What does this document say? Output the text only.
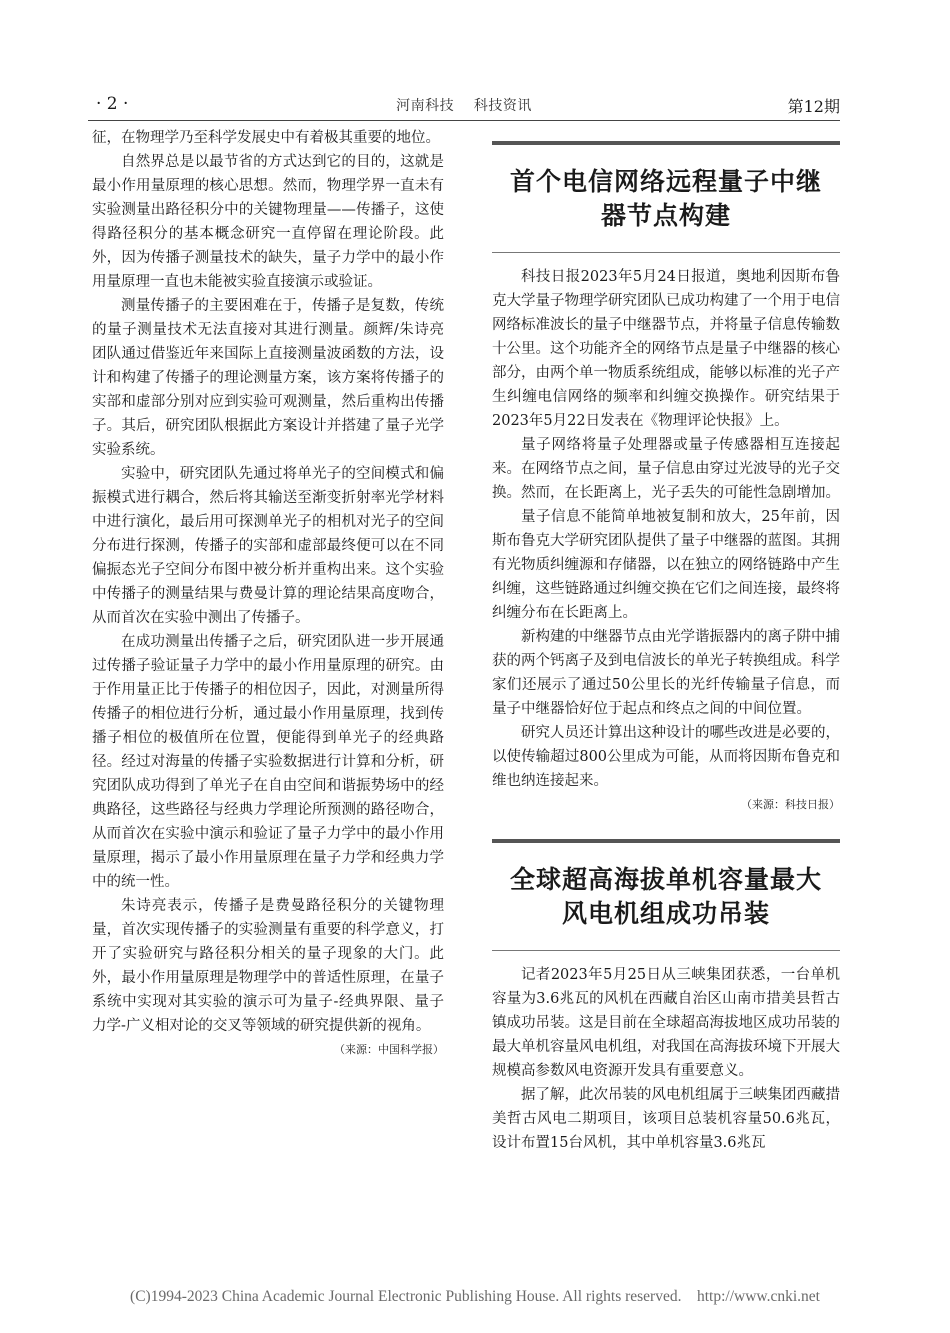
· 2 ·	河南科技    科技资讯	第12期

征，在物理学乃至科学发展史中有着极其重要的地位。

自然界总是以最节省的方式达到它的目的，这就是最小作用量原理的核心思想。然而，物理学界一直未有实验测量出路径积分中的关键物理量——传播子，这使得路径积分的基本概念研究一直停留在理论阶段。此外，因为传播子测量技术的缺失，量子力学中的最小作用量原理一直也未能被实验直接演示或验证。

测量传播子的主要困难在于，传播子是复数，传统的量子测量技术无法直接对其进行测量。颜辉/朱诗亮团队通过借鉴近年来国际上直接测量波函数的方法，设计和构建了传播子的理论测量方案，该方案将传播子的实部和虚部分别对应到实验可观测量，然后重构出传播子。其后，研究团队根据此方案设计并搭建了量子光学实验系统。

实验中，研究团队先通过将单光子的空间模式和偏振模式进行耦合，然后将其输送至渐变折射率光学材料中进行演化，最后用可探测单光子的相机对光子的空间分布进行探测，传播子的实部和虚部最终便可以在不同偏振态光子空间分布图中被分析并重构出来。这个实验中传播子的测量结果与费曼计算的理论结果高度吻合，从而首次在实验中测出了传播子。

在成功测量出传播子之后，研究团队进一步开展通过传播子验证量子力学中的最小作用量原理的研究。由于作用量正比于传播子的相位因子，因此，对测量所得传播子的相位进行分析，通过最小作用量原理，找到传播子相位的极值所在位置，便能得到单光子的经典路径。经过对海量的传播子实验数据进行计算和分析，研究团队成功得到了单光子在自由空间和谐振势场中的经典路径，这些路径与经典力学理论所预测的路径吻合，从而首次在实验中演示和验证了量子力学中的最小作用量原理，揭示了最小作用量原理在量子力学和经典力学中的统一性。

朱诗亮表示，传播子是费曼路径积分的关键物理量，首次实现传播子的实验测量有重要的科学意义，打开了实验研究与路径积分相关的量子现象的大门。此外，最小作用量原理是物理学中的普适性原理，在量子系统中实现对其实验的演示可为量子-经典界限、量子力学-广义相对论的交叉等领域的研究提供新的视角。

（来源：中国科学报）
首个电信网络远程量子中继
器节点构建

科技日报2023年5月24日报道，奥地利因斯布鲁克大学量子物理学研究团队已成功构建了一个用于电信网络标准波长的量子中继器节点，并将量子信息传输数十公里。这个功能齐全的网络节点是量子中继器的核心部分，由两个单一物质系统组成，能够以标准的光子产生纠缠电信网络的频率和纠缠交换操作。研究结果于2023年5月22日发表在《物理评论快报》上。

量子网络将量子处理器或量子传感器相互连接起来。在网络节点之间，量子信息由穿过光波导的光子交换。然而，在长距离上，光子丢失的可能性急剧增加。

量子信息不能简单地被复制和放大，25年前，因斯布鲁克大学研究团队提供了量子中继器的蓝图。其拥有光物质纠缠源和存储器，以在独立的网络链路中产生纠缠，这些链路通过纠缠交换在它们之间连接，最终将纠缠分布在长距离上。

新构建的中继器节点由光学谐振器内的离子阱中捕获的两个钙离子及到电信波长的单光子转换组成。科学家们还展示了通过50公里长的光纤传输量子信息，而量子中继器恰好位于起点和终点之间的中间位置。

研究人员还计算出这种设计的哪些改进是必要的，以使传输超过800公里成为可能，从而将因斯布鲁克和维也纳连接起来。

（来源：科技日报）
全球超高海拔单机容量最大
风电机组成功吊装

记者2023年5月25日从三峡集团获悉，一台单机容量为3.6兆瓦的风机在西藏自治区山南市措美县哲古镇成功吊装。这是目前在全球超高海拔地区成功吊装的最大单机容量风电机组，对我国在高海拔环境下开展大规模高参数风电资源开发具有重要意义。

据了解，此次吊装的风电机组属于三峡集团西藏措美哲古风电二期项目，该项目总装机容量50.6兆瓦，设计布置15台风机，其中单机容量3.6兆瓦

(C)1994-2023 China Academic Journal Electronic Publishing House. All rights reserved.    http://www.cnki.net
